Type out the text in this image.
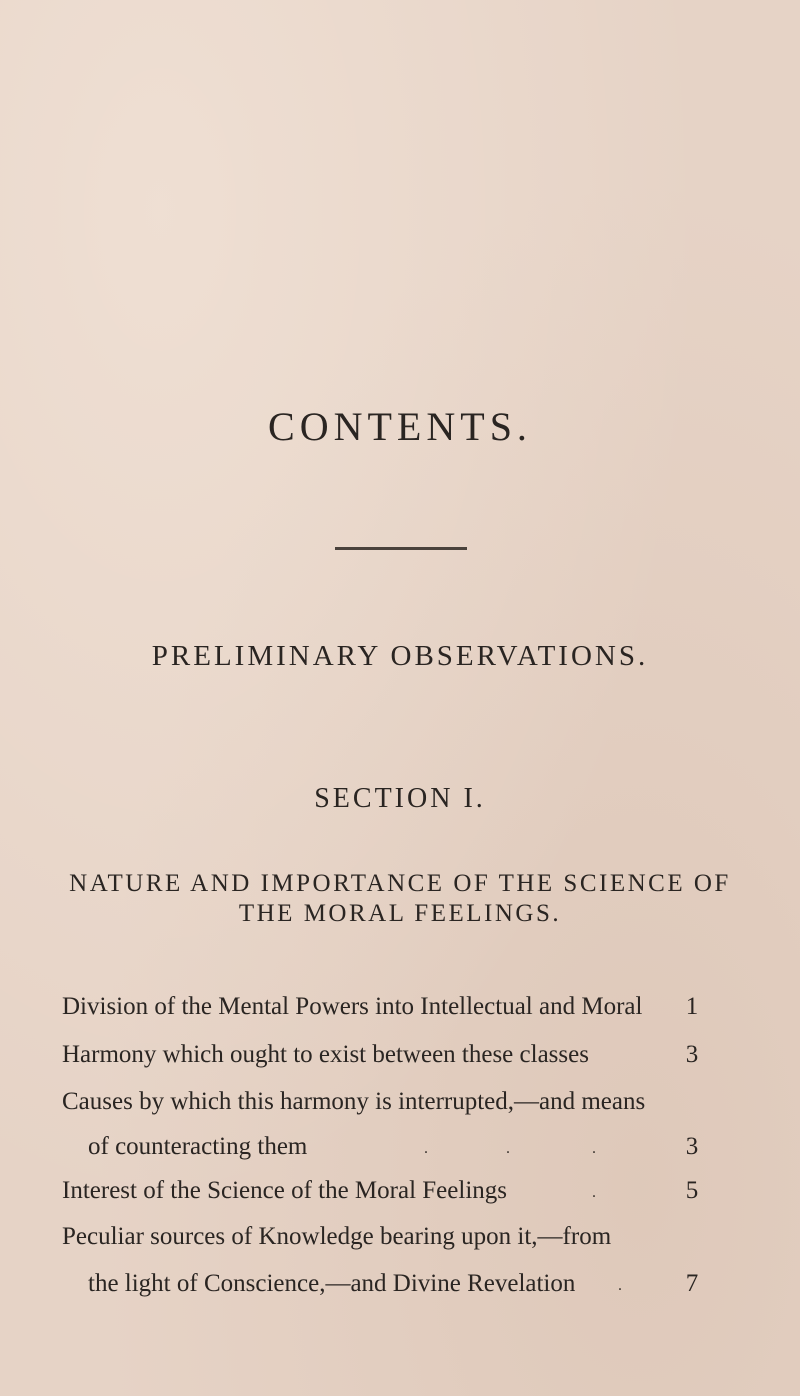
CONTENTS.
PRELIMINARY OBSERVATIONS.
SECTION I.
NATURE AND IMPORTANCE OF THE SCIENCE OF
THE MORAL FEELINGS.
Division of the Mental Powers into Intellectual and Moral	1
Harmony which ought to exist between these classes	3
Causes by which this harmony is interrupted,—and means
of counteracting them	.	.	.	3
Interest of the Science of the Moral Feelings	.	5
Peculiar sources of Knowledge bearing upon it,—from
the light of Conscience,—and Divine Revelation	.	7
